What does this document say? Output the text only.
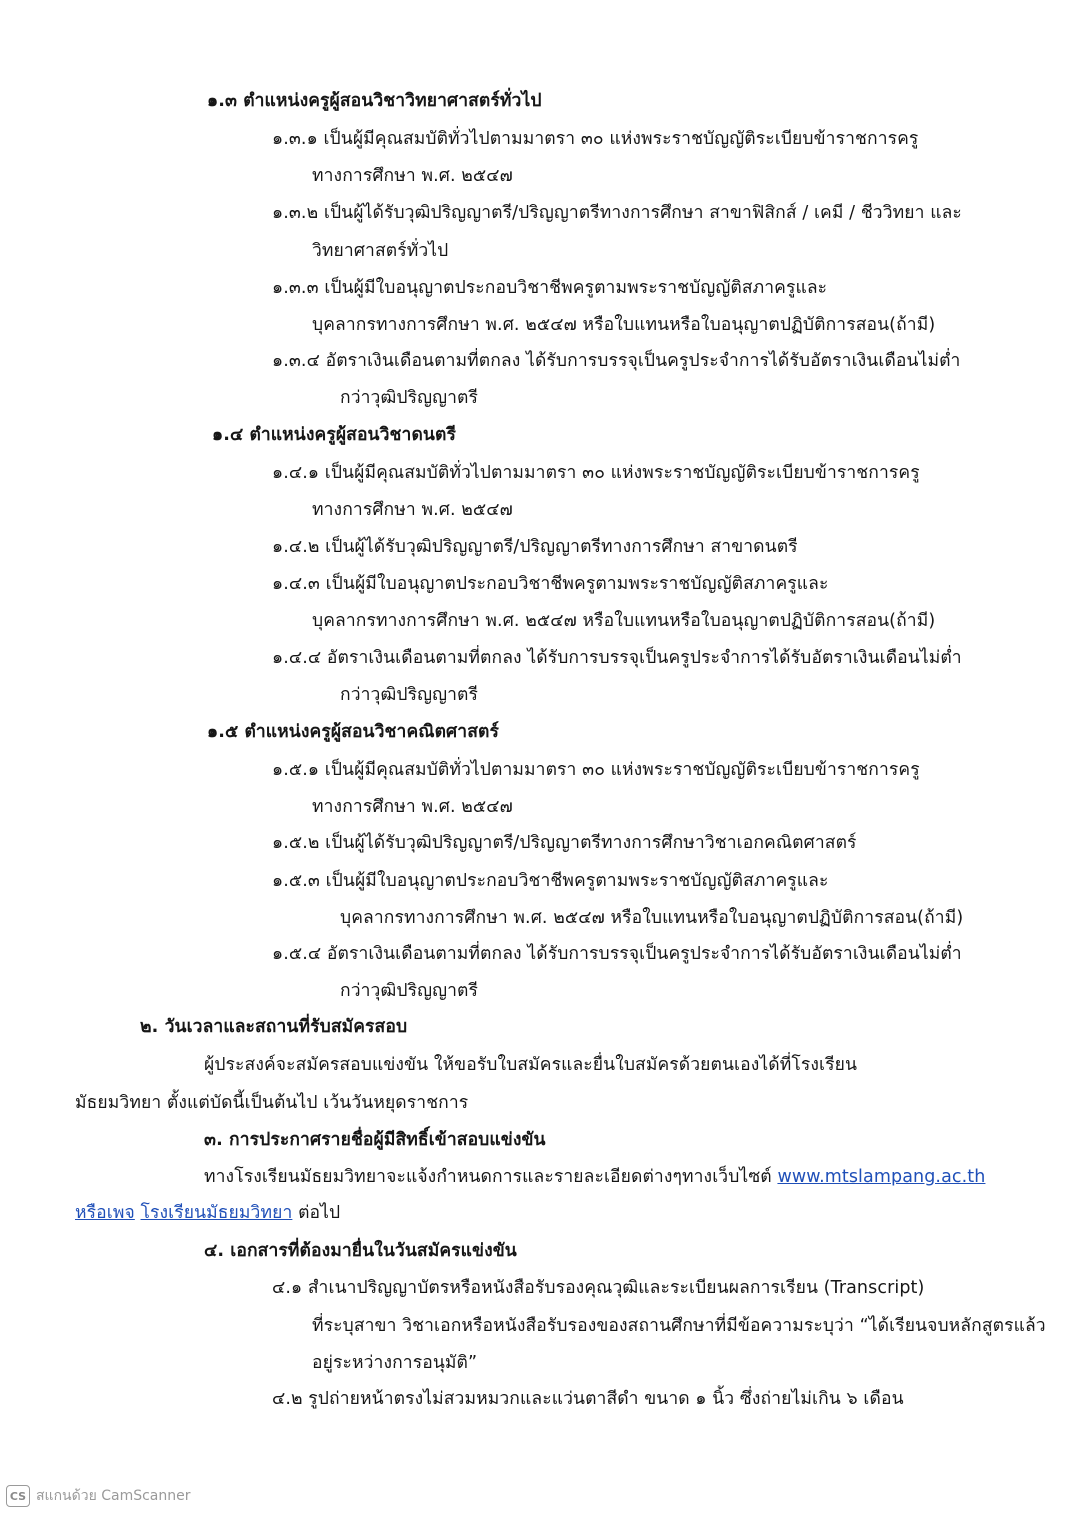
๑.๓ ตำแหน่งครูผู้สอนวิชาวิทยาศาสตร์ทั่วไป
๑.๓.๑ เป็นผู้มีคุณสมบัติทั่วไปตามมาตรา ๓๐ แห่งพระราชบัญญัติระเบียบข้าราชการครู
ทางการศึกษา พ.ศ. ๒๕๔๗
๑.๓.๒ เป็นผู้ได้รับวุฒิปริญญาตรี/ปริญญาตรีทางการศึกษา สาขาฟิสิกส์ / เคมี / ชีววิทยา และ
วิทยาศาสตร์ทั่วไป
๑.๓.๓ เป็นผู้มีใบอนุญาตประกอบวิชาชีพครูตามพระราชบัญญัติสภาครูและ
บุคลากรทางการศึกษา พ.ศ. ๒๕๔๗ หรือใบแทนหรือใบอนุญาตปฏิบัติการสอน(ถ้ามี)
๑.๓.๔ อัตราเงินเดือนตามที่ตกลง ได้รับการบรรจุเป็นครูประจำการได้รับอัตราเงินเดือนไม่ต่ำ
กว่าวุฒิปริญญาตรี
๑.๔ ตำแหน่งครูผู้สอนวิชาดนตรี
๑.๔.๑ เป็นผู้มีคุณสมบัติทั่วไปตามมาตรา ๓๐ แห่งพระราชบัญญัติระเบียบข้าราชการครู
ทางการศึกษา พ.ศ. ๒๕๔๗
๑.๔.๒ เป็นผู้ได้รับวุฒิปริญญาตรี/ปริญญาตรีทางการศึกษา สาขาดนตรี
๑.๔.๓ เป็นผู้มีใบอนุญาตประกอบวิชาชีพครูตามพระราชบัญญัติสภาครูและ
บุคลากรทางการศึกษา พ.ศ. ๒๕๔๗ หรือใบแทนหรือใบอนุญาตปฏิบัติการสอน(ถ้ามี)
๑.๔.๔ อัตราเงินเดือนตามที่ตกลง ได้รับการบรรจุเป็นครูประจำการได้รับอัตราเงินเดือนไม่ต่ำ
กว่าวุฒิปริญญาตรี
๑.๕ ตำแหน่งครูผู้สอนวิชาคณิตศาสตร์
๑.๕.๑ เป็นผู้มีคุณสมบัติทั่วไปตามมาตรา ๓๐ แห่งพระราชบัญญัติระเบียบข้าราชการครู
ทางการศึกษา พ.ศ. ๒๕๔๗
๑.๕.๒ เป็นผู้ได้รับวุฒิปริญญาตรี/ปริญญาตรีทางการศึกษาวิชาเอกคณิตศาสตร์
๑.๕.๓ เป็นผู้มีใบอนุญาตประกอบวิชาชีพครูตามพระราชบัญญัติสภาครูและ
บุคลากรทางการศึกษา พ.ศ. ๒๕๔๗ หรือใบแทนหรือใบอนุญาตปฏิบัติการสอน(ถ้ามี)
๑.๕.๔ อัตราเงินเดือนตามที่ตกลง ได้รับการบรรจุเป็นครูประจำการได้รับอัตราเงินเดือนไม่ต่ำ
กว่าวุฒิปริญญาตรี
๒. วันเวลาและสถานที่รับสมัครสอบ
ผู้ประสงค์จะสมัครสอบแข่งขัน ให้ขอรับใบสมัครและยื่นใบสมัครด้วยตนเองได้ที่โรงเรียน
มัธยมวิทยา ตั้งแต่บัดนี้เป็นต้นไป เว้นวันหยุดราชการ
๓. การประกาศรายชื่อผู้มีสิทธิ์เข้าสอบแข่งขัน
ทางโรงเรียนมัธยมวิทยาจะแจ้งกำหนดการและรายละเอียดต่างๆทางเว็บไซต์ www.mtslampang.ac.th
หรือเพจ โรงเรียนมัธยมวิทยา ต่อไป
๔. เอกสารที่ต้องมายื่นในวันสมัครแข่งขัน
๔.๑ สำเนาปริญญาบัตรหรือหนังสือรับรองคุณวุฒิและระเบียนผลการเรียน (Transcript)
ที่ระบุสาขา วิชาเอกหรือหนังสือรับรองของสถานศึกษาที่มีข้อความระบุว่า “ได้เรียนจบหลักสูตรแล้ว
อยู่ระหว่างการอนุมัติ”
๔.๒ รูปถ่ายหน้าตรงไม่สวมหมวกและแว่นตาสีดำ ขนาด ๑ นิ้ว ซึ่งถ่ายไม่เกิน ๖ เดือน
CS สแกนด้วย CamScanner
